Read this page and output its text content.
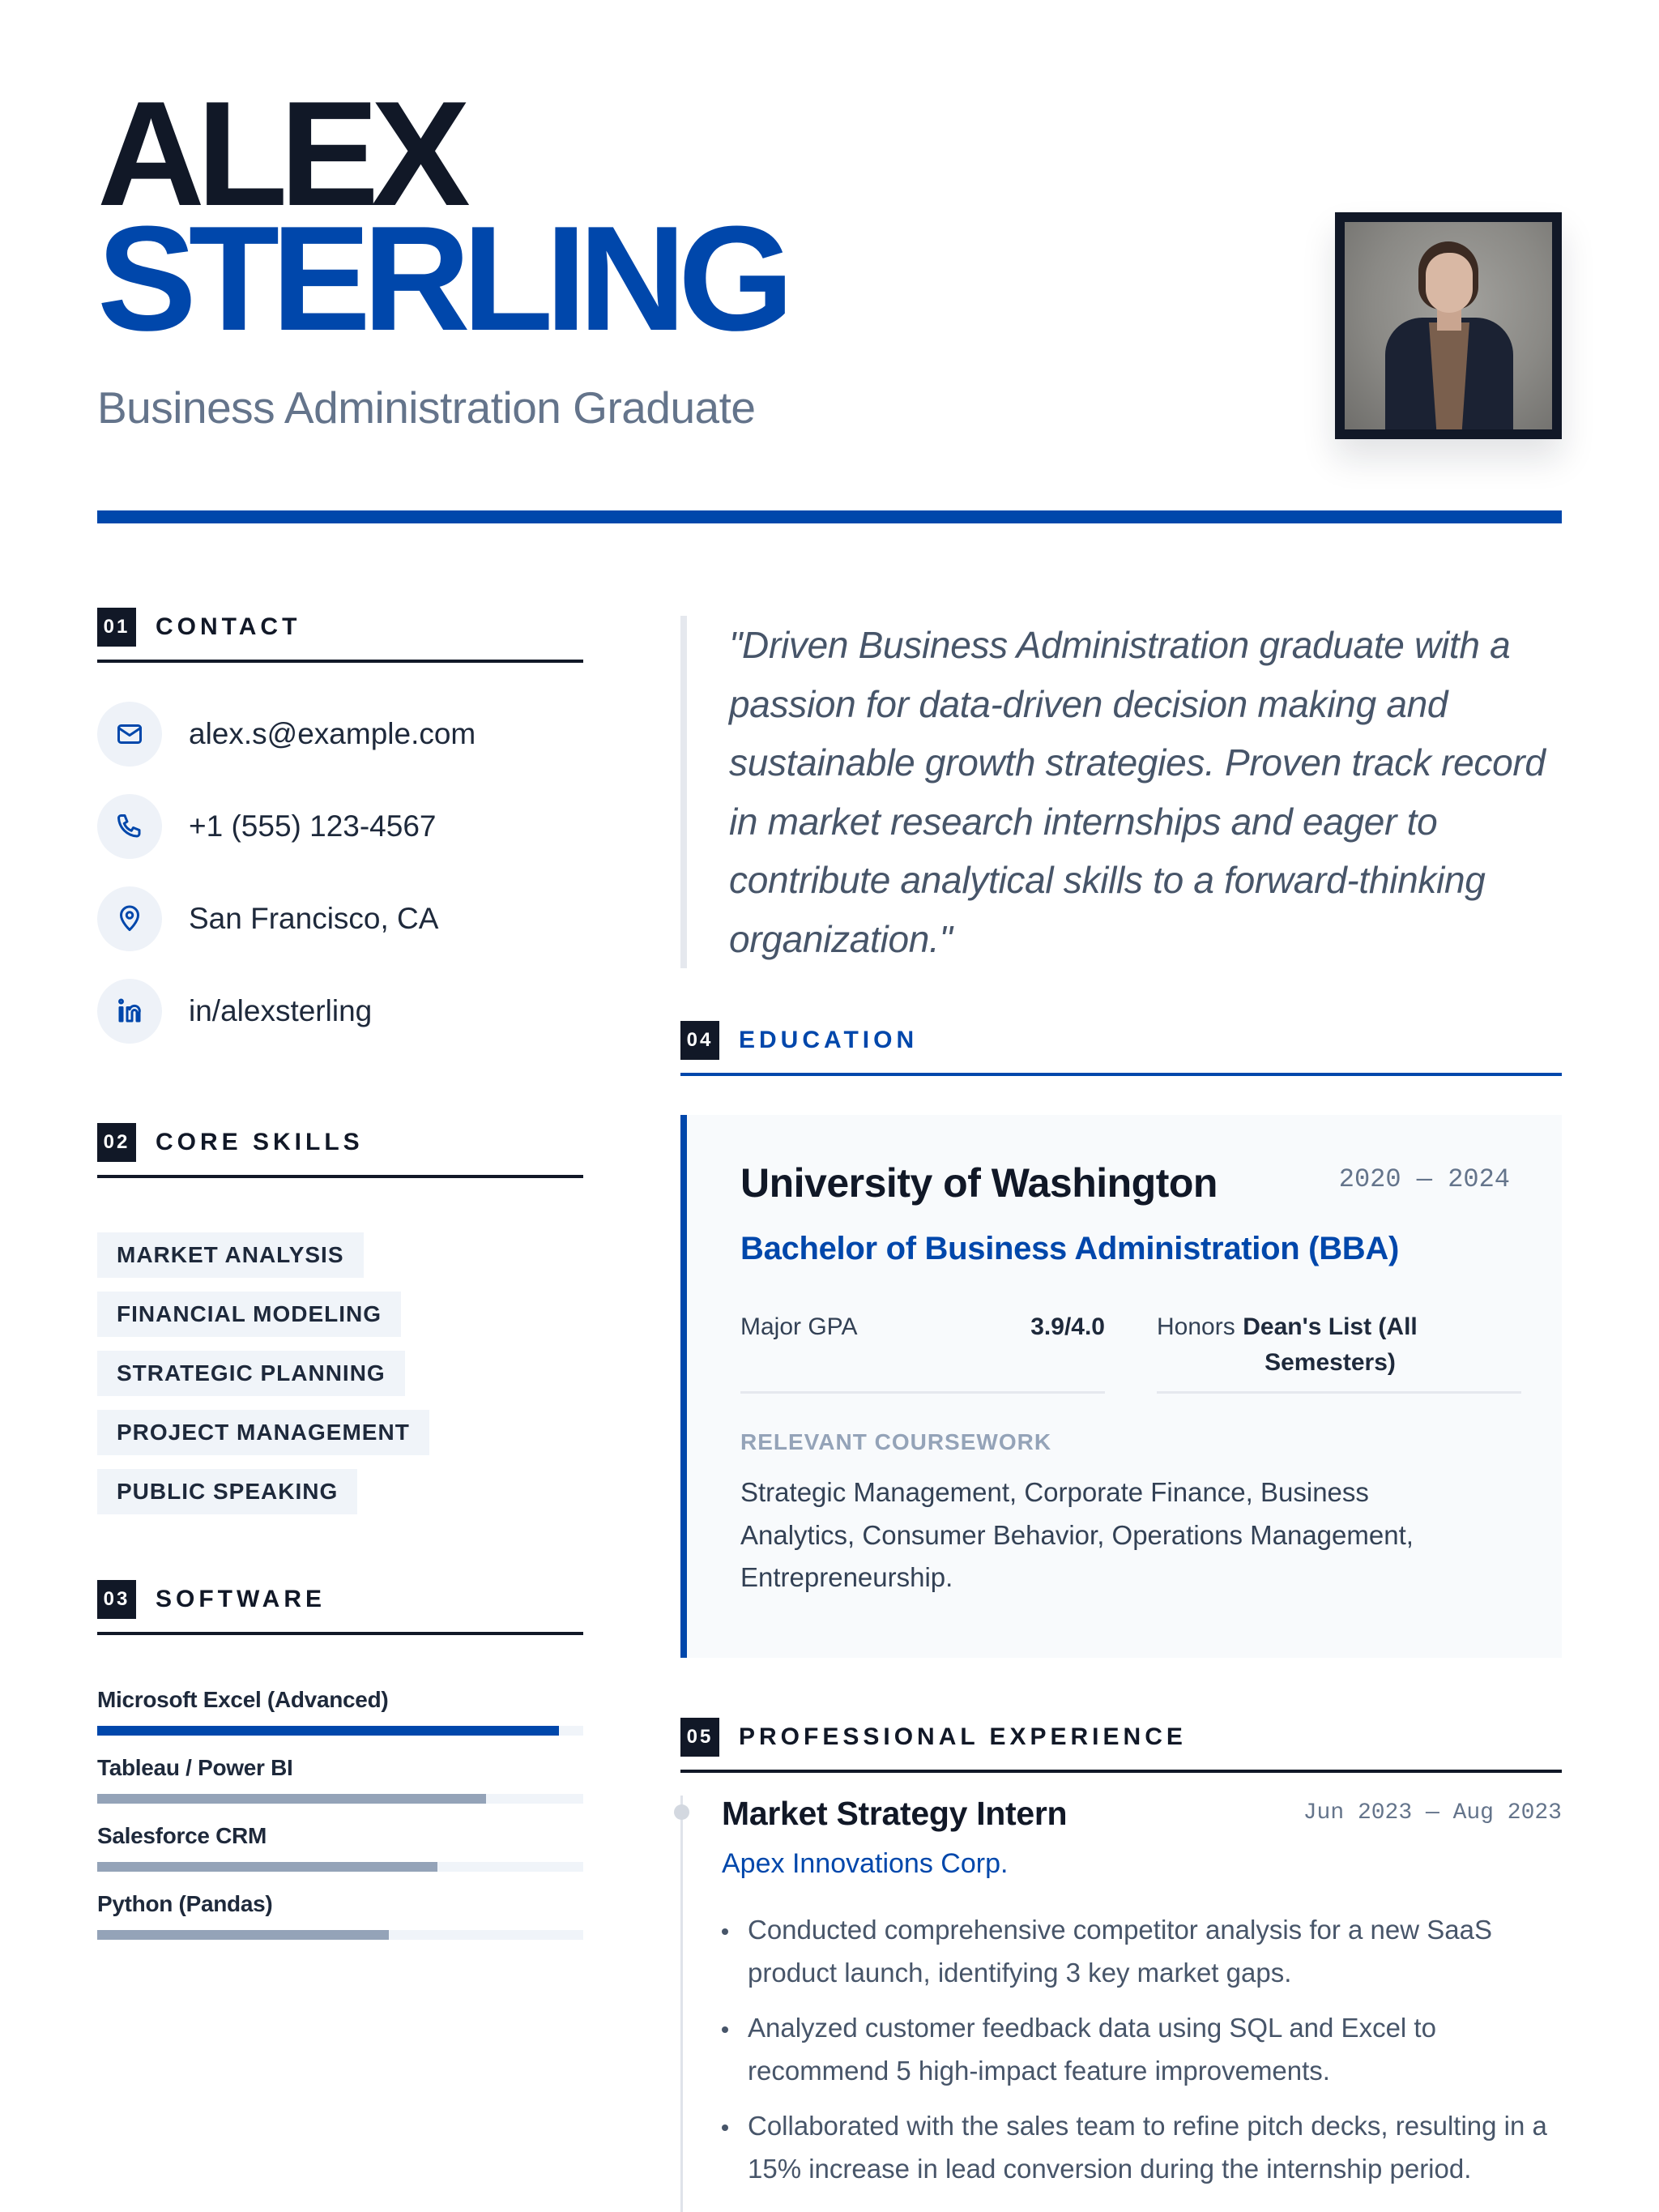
ALEX
STERLING
Business Administration Graduate
01 CONTACT
alex.s@example.com
+1 (555) 123-4567
San Francisco, CA
in/alexsterling
02 CORE SKILLS
MARKET ANALYSIS
FINANCIAL MODELING
STRATEGIC PLANNING
PROJECT MANAGEMENT
PUBLIC SPEAKING
03 SOFTWARE
Microsoft Excel (Advanced)
Tableau / Power BI
Salesforce CRM
Python (Pandas)
"Driven Business Administration graduate with a passion for data-driven decision making and sustainable growth strategies. Proven track record in market research internships and eager to contribute analytical skills to a forward-thinking organization."
04 EDUCATION
University of Washington	2020 — 2024
Bachelor of Business Administration (BBA)
Major GPA	3.9/4.0 Honors Dean's List (All Semesters)
RELEVANT COURSEWORK
Strategic Management, Corporate Finance, Business Analytics, Consumer Behavior, Operations Management, Entrepreneurship.
05 PROFESSIONAL EXPERIENCE
Market Strategy Intern	Jun 2023 — Aug 2023
Apex Innovations Corp.
Conducted comprehensive competitor analysis for a new SaaS product launch, identifying 3 key market gaps.
Analyzed customer feedback data using SQL and Excel to recommend 5 high-impact feature improvements.
Collaborated with the sales team to refine pitch decks, resulting in a 15% increase in lead conversion during the internship period.
